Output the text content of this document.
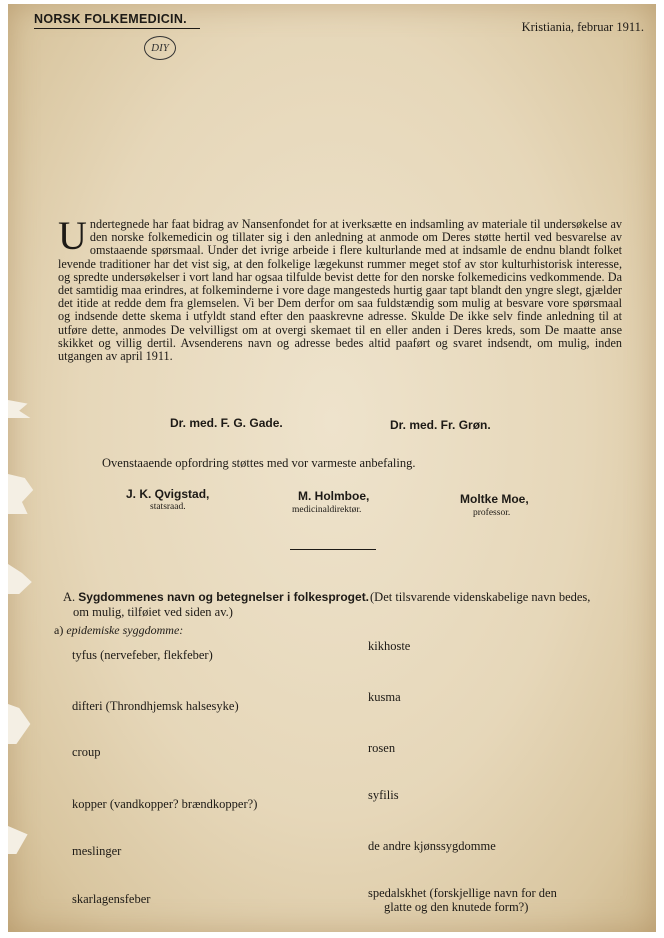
NORSK FOLKEMEDICIN.
Kristiania, februar 1911.
DIY
Undertegnede har faat bidrag av Nansenfondet for at iverksætte en indsamling av materiale til undersøkelse av den norske folkemedicin og tillater sig i den anledning at anmode om Deres støtte hertil ved besvarelse av omstaaende spørsmaal. Under det ivrige arbeide i flere kulturlande med at indsamle de endnu blandt folket levende traditioner har det vist sig, at den folkelige lægekunst rummer meget stof av stor kulturhistorisk interesse, og spredte undersøkelser i vort land har ogsaa tilfulde bevist dette for den norske folkemedicins vedkommende. Da det samtidig maa erindres, at folkeminderne i vore dage mangesteds hurtig gaar tapt blandt den yngre slegt, gjælder det itide at redde dem fra glemselen. Vi ber Dem derfor om saa fuldstændig som mulig at besvare vore spørsmaal og indsende dette skema i utfyldt stand efter den paaskrevne adresse. Skulde De ikke selv finde anledning til at utføre dette, anmodes De velvilligst om at overgi skemaet til en eller anden i Deres kreds, som De maatte anse skikket og villig dertil. Avsenderens navn og adresse bedes altid paaført og svaret indsendt, om mulig, inden utgangen av april 1911.
Dr. med. F. G. Gade.	Dr. med. Fr. Grøn.
Ovenstaaende opfordring støttes med vor varmeste anbefaling.
J. K. Qvigstad,
statsraad.
M. Holmboe,
medicinaldirektør.
Moltke Moe,
professor.
A. Sygdommenes navn og betegnelser i folkesproget.
om mulig, tilføiet ved siden av.)
(Det tilsvarende videnskabelige navn bedes,
a) epidemiske syggdomme:
tyfus (nervefeber, flekfeber)
difteri (Throndhjemsk halsesyke)
croup
kopper (vandkopper? brændkopper?)
meslinger
skarlagensfeber
kikhoste
kusma
rosen
syfilis
de andre kjønssygdomme
spedalskhet (forskjellige navn for den
glatte og den knutede form?)
